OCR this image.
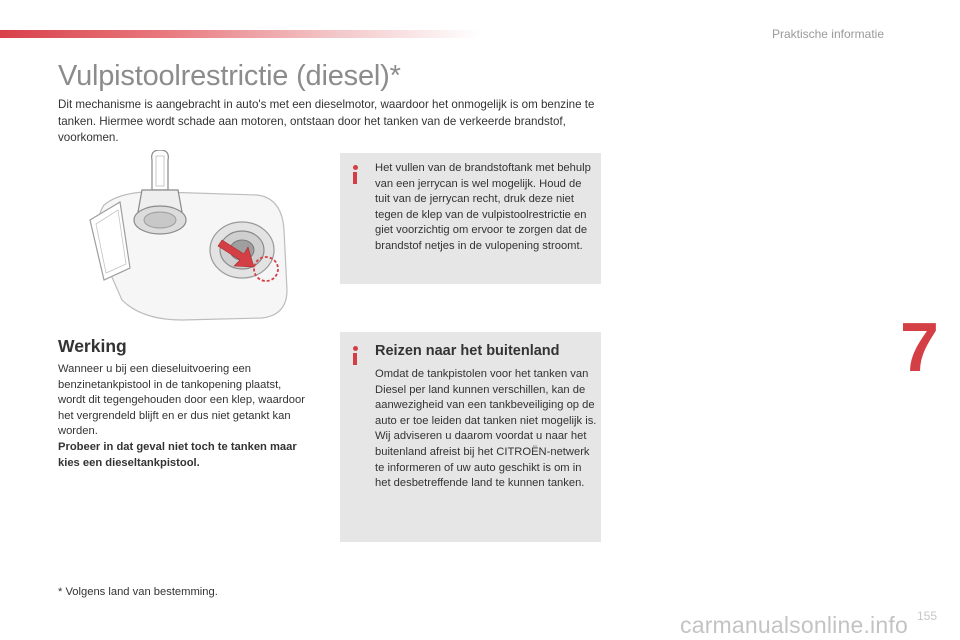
Praktische informatie
Vulpistoolrestrictie (diesel)*

Dit mechanisme is aangebracht in auto's met een dieselmotor, waardoor het onmogelijk is om benzine te tanken. Hiermee wordt schade aan motoren, ontstaan door het tanken van de verkeerde brandstof, voorkomen.

Het vullen van de brandstoftank met behulp van een jerrycan is wel mogelijk. Houd de tuit van de jerrycan recht, druk deze niet tegen de klep van de vulpistoolrestrictie en giet voorzichtig om ervoor te zorgen dat de brandstof netjes in de vulopening stroomt.

Werking

Wanneer u bij een dieseluitvoering een benzinetankpistool in de tankopening plaatst, wordt dit tegengehouden door een klep, waardoor het vergrendeld blijft en er dus niet getankt kan worden.

Probeer in dat geval niet toch te tanken maar kies een dieseltankpistool.

Reizen naar het buitenland

Omdat de tankpistolen voor het tanken van Diesel per land kunnen verschillen, kan de aanwezigheid van een tankbeveiliging op de auto er toe leiden dat tanken niet mogelijk is.
Wij adviseren u daarom voordat u naar het buitenland afreist bij het CITROËN-netwerk te informeren of uw auto geschikt is om in het desbetreffende land te kunnen tanken.

* Volgens land van bestemming.
7
155
carmanualsonline.info
